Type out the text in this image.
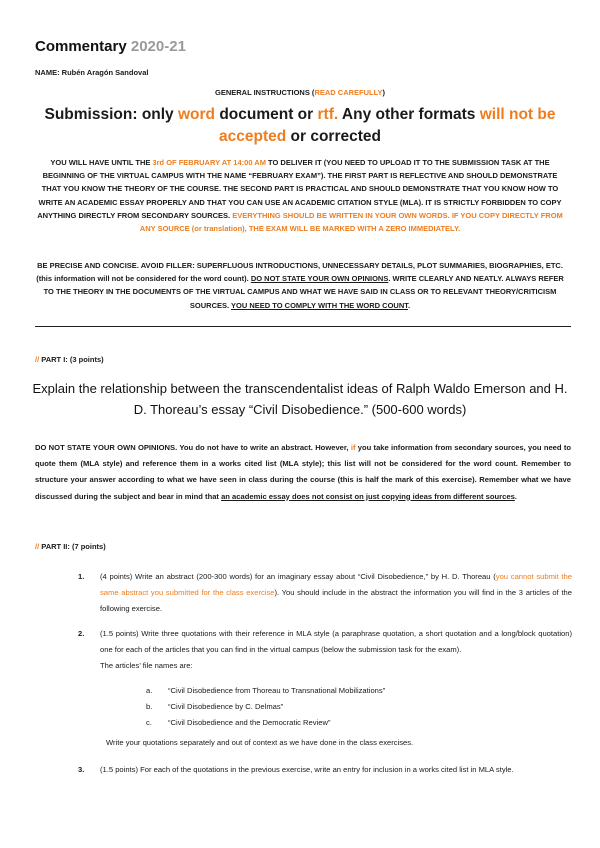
Commentary 2020-21
NAME: Rubén Aragón Sandoval
GENERAL INSTRUCTIONS (READ CAREFULLY)
Submission: only word document or rtf. Any other formats will not be accepted or corrected
YOU WILL HAVE UNTIL THE 3rd OF FEBRUARY AT 14:00 AM TO DELIVER IT (YOU NEED TO UPLOAD IT TO THE SUBMISSION TASK AT THE BEGINNING OF THE VIRTUAL CAMPUS WITH THE NAME “FEBRUARY EXAM”). THE FIRST PART IS REFLECTIVE AND SHOULD DEMONSTRATE THAT YOU KNOW THE THEORY OF THE COURSE. THE SECOND PART IS PRACTICAL AND SHOULD DEMONSTRATE THAT YOU KNOW HOW TO WRITE AN ACADEMIC ESSAY PROPERLY AND THAT YOU CAN USE AN ACADEMIC CITATION STYLE (MLA). IT IS STRICTLY FORBIDDEN TO COPY ANYTHING DIRECTLY FROM SECONDARY SOURCES. EVERYTHING SHOULD BE WRITTEN IN YOUR OWN WORDS. IF YOU COPY DIRECTLY FROM ANY SOURCE (or translation), THE EXAM WILL BE MARKED WITH A ZERO IMMEDIATELY.
BE PRECISE AND CONCISE. AVOID FILLER: SUPERFLUOUS INTRODUCTIONS, UNNECESSARY DETAILS, PLOT SUMMARIES, BIOGRAPHIES, ETC. (this information will not be considered for the word count). DO NOT STATE YOUR OWN OPINIONS. WRITE CLEARLY AND NEATLY. ALWAYS REFER TO THE THEORY IN THE DOCUMENTS OF THE VIRTUAL CAMPUS AND WHAT WE HAVE SAID IN CLASS OR TO RELEVANT THEORY/CRITICISM SOURCES. YOU NEED TO COMPLY WITH THE WORD COUNT.
// PART I: (3 points)
Explain the relationship between the transcendentalist ideas of Ralph Waldo Emerson and H. D. Thoreau’s essay “Civil Disobedience.” (500-600 words)
DO NOT STATE YOUR OWN OPINIONS. You do not have to write an abstract. However, if you take information from secondary sources, you need to quote them (MLA style) and reference them in a works cited list (MLA style); this list will not be considered for the word count. Remember to structure your answer according to what we have seen in class during the course (this is half the mark of this exercise). Remember what we have discussed during the subject and bear in mind that an academic essay does not consist on just copying ideas from different sources.
// PART II: (7 points)
1. (4 points) Write an abstract (200-300 words) for an imaginary essay about “Civil Disobedience,” by H. D. Thoreau (you cannot submit the same abstract you submitted for the class exercise). You should include in the abstract the information you will find in the 3 articles of the following exercise.
2. (1.5 points) Write three quotations with their reference in MLA style (a paraphrase quotation, a short quotation and a long/block quotation) one for each of the articles that you can find in the virtual campus (below the submission task for the exam).
The articles’ file names are:
a. “Civil Disobedience from Thoreau to Transnational Mobilizations”
b. “Civil Disobedience by C. Delmas”
c. “Civil Disobedience and the Democratic Review”
Write your quotations separately and out of context as we have done in the class exercises.
3. (1.5 points) For each of the quotations in the previous exercise, write an entry for inclusion in a works cited list in MLA style.
